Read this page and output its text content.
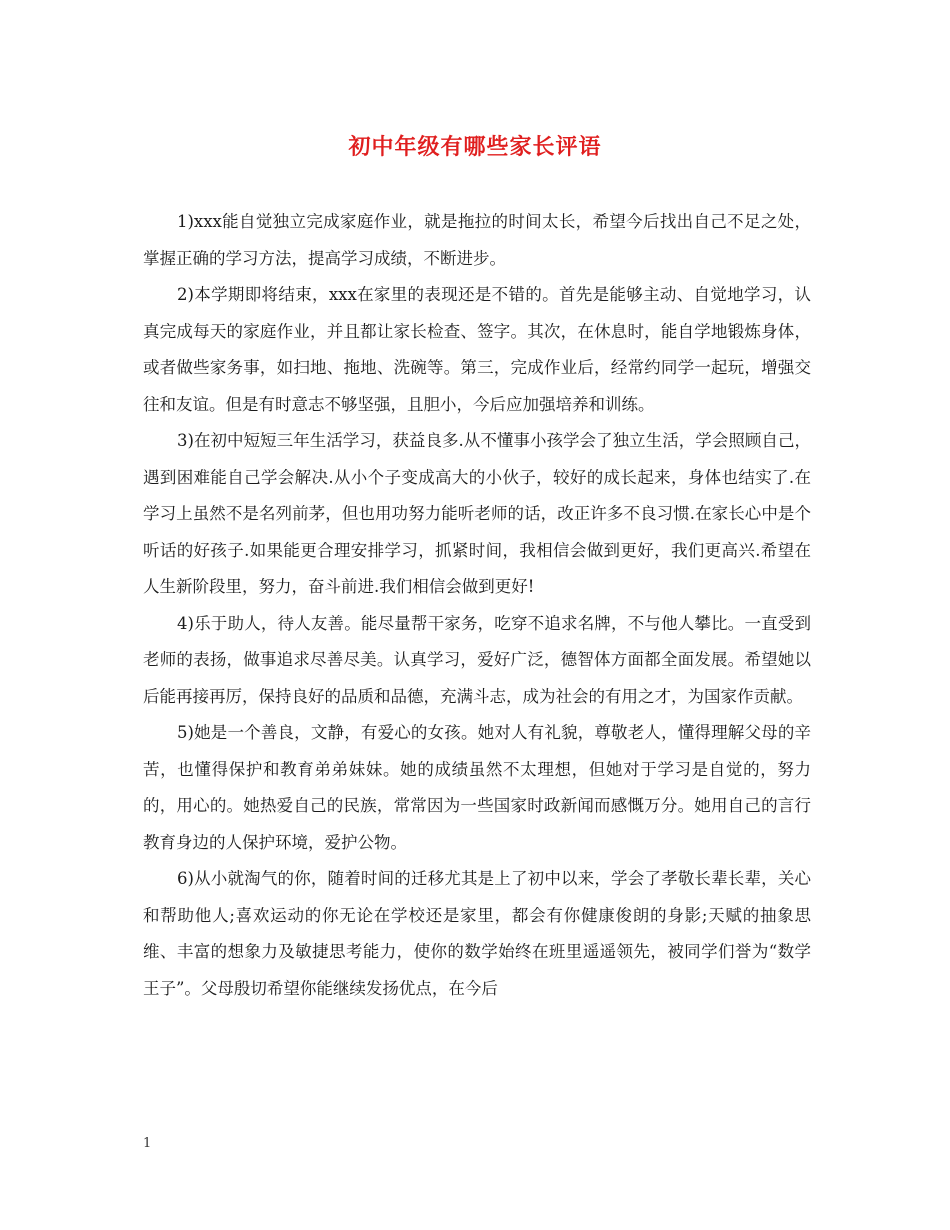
初中年级有哪些家长评语

1)xxx能自觉独立完成家庭作业，就是拖拉的时间太长，希望今后找出自己不足之处，掌握正确的学习方法，提高学习成绩，不断进步。

2)本学期即将结束，xxx在家里的表现还是不错的。首先是能够主动、自觉地学习，认真完成每天的家庭作业，并且都让家长检查、签字。其次，在休息时，能自学地锻炼身体，或者做些家务事，如扫地、拖地、洗碗等。第三，完成作业后，经常约同学一起玩，增强交往和友谊。但是有时意志不够坚强，且胆小，今后应加强培养和训练。

3)在初中短短三年生活学习，获益良多.从不懂事小孩学会了独立生活，学会照顾自己，遇到困难能自己学会解决.从小个子变成高大的小伙子，较好的成长起来，身体也结实了.在学习上虽然不是名列前茅，但也用功努力能听老师的话，改正许多不良习惯.在家长心中是个听话的好孩子.如果能更合理安排学习，抓紧时间，我相信会做到更好，我们更高兴.希望在人生新阶段里，努力，奋斗前进.我们相信会做到更好!

4)乐于助人，待人友善。能尽量帮干家务，吃穿不追求名牌，不与他人攀比。一直受到老师的表扬，做事追求尽善尽美。认真学习，爱好广泛，德智体方面都全面发展。希望她以后能再接再厉，保持良好的品质和品德，充满斗志，成为社会的有用之才，为国家作贡献。

5)她是一个善良，文静，有爱心的女孩。她对人有礼貌，尊敬老人，懂得理解父母的辛苦，也懂得保护和教育弟弟妹妹。她的成绩虽然不太理想，但她对于学习是自觉的，努力的，用心的。她热爱自己的民族，常常因为一些国家时政新闻而感慨万分。她用自己的言行教育身边的人保护环境，爱护公物。

6)从小就淘气的你，随着时间的迁移尤其是上了初中以来，学会了孝敬长辈长辈，关心和帮助他人;喜欢运动的你无论在学校还是家里，都会有你健康俊朗的身影;天赋的抽象思维、丰富的想象力及敏捷思考能力，使你的数学始终在班里遥遥领先，被同学们誉为“数学王子”。父母殷切希望你能继续发扬优点，在今后

1
